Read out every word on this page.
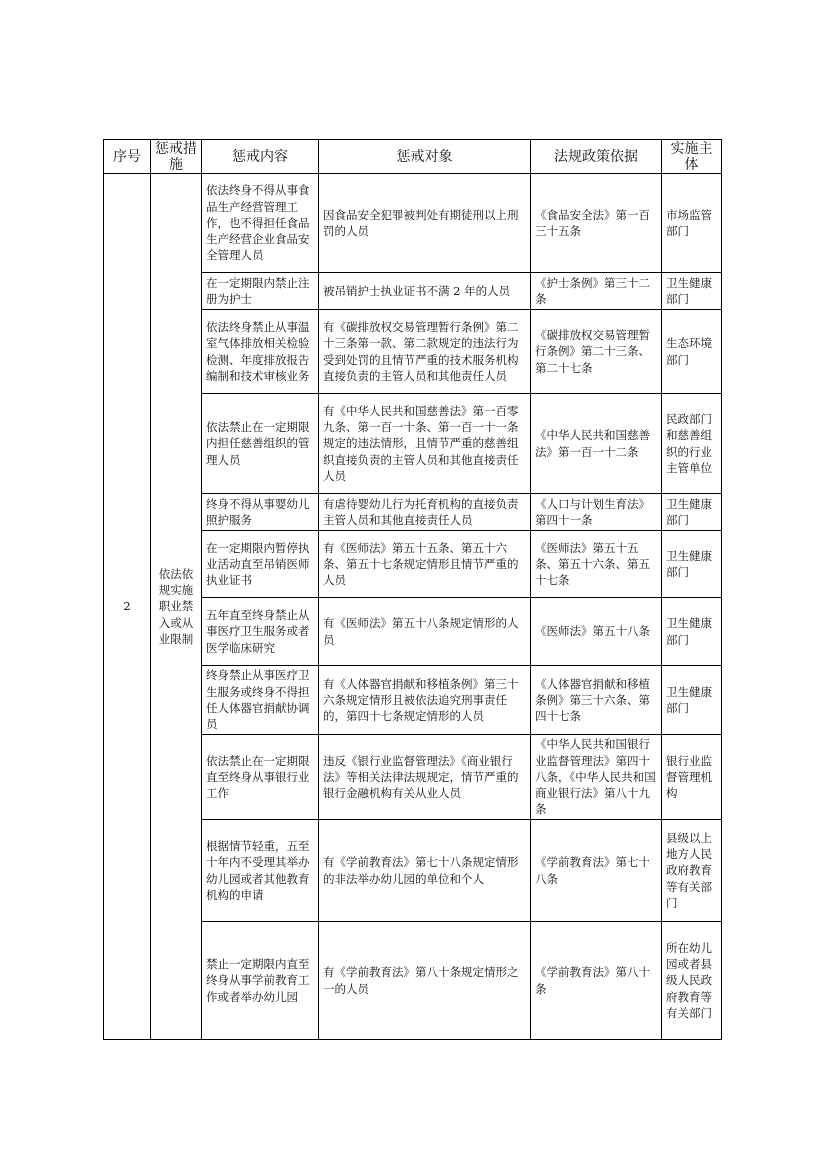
序号	惩戒措施	惩戒内容	惩戒对象	法规政策依据	实施主体
2	依法依规实施职业禁入或从业限制	依法终身不得从事食品生产经营管理工作，也不得担任食品生产经营企业食品安全管理人员	因食品安全犯罪被判处有期徒刑以上刑罚的人员	《食品安全法》第一百三十五条	市场监管部门
		在一定期限内禁止注册为护士	被吊销护士执业证书不满 2 年的人员	《护士条例》第三十二条	卫生健康部门
		依法终身禁止从事温室气体排放相关检验检测、年度排放报告编制和技术审核业务	有《碳排放权交易管理暂行条例》第二十三条第一款、第二款规定的违法行为受到处罚的且情节严重的技术服务机构直接负责的主管人员和其他责任人员	《碳排放权交易管理暂行条例》第二十三条、第二十七条	生态环境部门
		依法禁止在一定期限内担任慈善组织的管理人员	有《中华人民共和国慈善法》第一百零九条、第一百一十条、第一百一十一条规定的违法情形，且情节严重的慈善组织直接负责的主管人员和其他直接责任人员	《中华人民共和国慈善法》第一百一十二条	民政部门和慈善组织的行业主管单位
		终身不得从事婴幼儿照护服务	有虐待婴幼儿行为托育机构的直接负责主管人员和其他直接责任人员	《人口与计划生育法》第四十一条	卫生健康部门
		在一定期限内暂停执业活动直至吊销医师执业证书	有《医师法》第五十五条、第五十六条、第五十七条规定情形且情节严重的人员	《医师法》第五十五条、第五十六条、第五十七条	卫生健康部门
		五年直至终身禁止从事医疗卫生服务或者医学临床研究	有《医师法》第五十八条规定情形的人员	《医师法》第五十八条	卫生健康部门
		终身禁止从事医疗卫生服务或终身不得担任人体器官捐献协调员	有《人体器官捐献和移植条例》第三十六条规定情形且被依法追究刑事责任的，第四十七条规定情形的人员	《人体器官捐献和移植条例》第三十六条、第四十七条	卫生健康部门
		依法禁止在一定期限直至终身从事银行业工作	违反《银行业监督管理法》《商业银行法》等相关法律法规规定，情节严重的银行金融机构有关从业人员	《中华人民共和国银行业监督管理法》第四十八条，《中华人民共和国商业银行法》第八十九条	银行业监督管理机构
		根据情节轻重，五至十年内不受理其举办幼儿园或者其他教育机构的申请	有《学前教育法》第七十八条规定情形的非法举办幼儿园的单位和个人	《学前教育法》第七十八条	县级以上地方人民政府教育等有关部门
		禁止一定期限内直至终身从事学前教育工作或者举办幼儿园	有《学前教育法》第八十条规定情形之一的人员	《学前教育法》第八十条	所在幼儿园或者县级人民政府教育等有关部门
